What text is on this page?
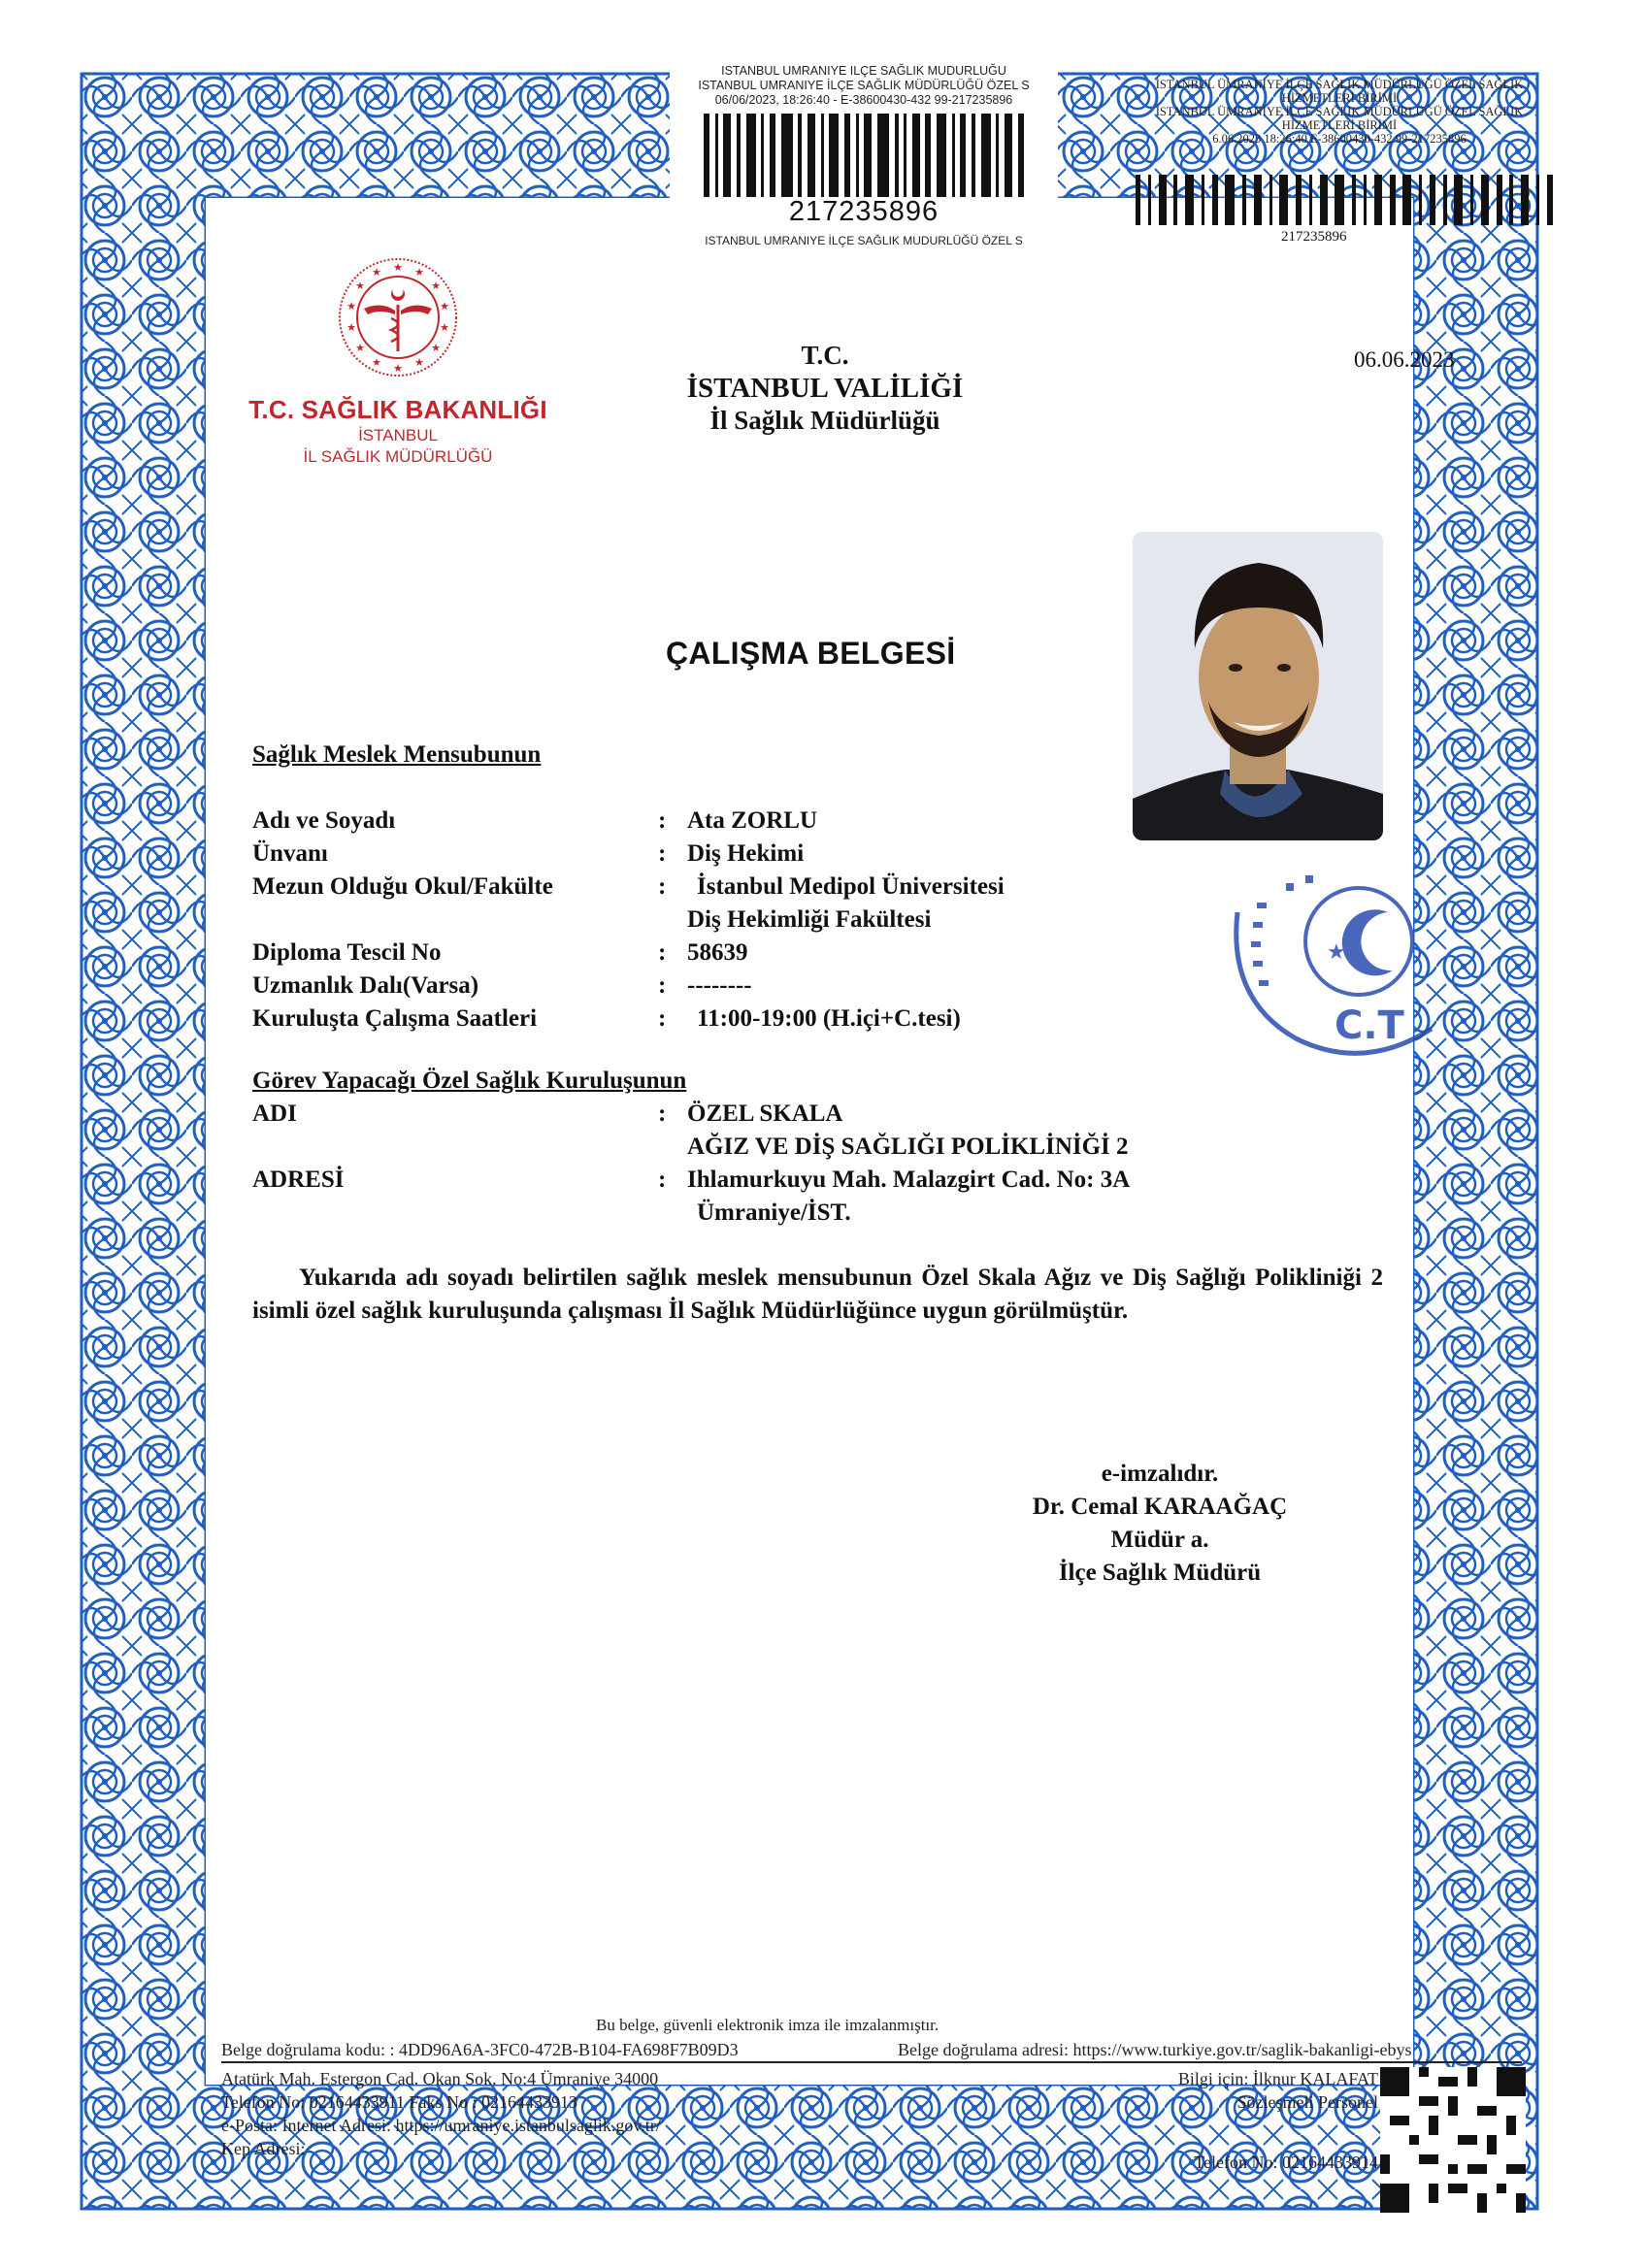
ISTANBUL UMRANIYE ILÇE SAĞLIK MUDURLUĞU
ISTANBUL UMRANIYE İLÇE SAĞLIK MÜDÜRLÜĞÜ ÖZEL S
06/06/2023, 18:26:40 - E-38600430-432 99-217235896
217235896
ISTANBUL UMRANIYE İLÇE SAĞLIK MUDURLÜĞÜ ÖZEL S
İSTANBUL ÜMRANİYE İLÇE SAĞLIK MÜDÜRLÜĞÜ ÖZEL SAĞLIK
HİZMETLERİ BİRİMİ
İSTANBUL ÜMRANİYE İLÇE SAĞLIK MÜDÜRLÜĞÜ ÖZEL SAĞLIK
HİZMETLERİ BİRİMİ
6.06.2023 18:26:40 E-38600430-432.99-217235896
217235896
★ ★
★
★
★
★
★
★
★
★
★
★
★
★
T.C. SAĞLIK BAKANLIĞI
İSTANBUL
İL SAĞLIK MÜDÜRLÜĞÜ
T.C.
İSTANBUL VALİLİĞİ
İl Sağlık Müdürlüğü
06.06.2023
ÇALIŞMA BELGESİ
Sağlık Meslek Mensubunun
Adı ve Soyadı	: Ata ZORLU
Ünvanı	: Diş Hekimi
Mezun Olduğu Okul/Fakülte	: İstanbul Medipol Üniversitesi
Diş Hekimliği Fakültesi
Diploma Tescil No	: 58639
Uzmanlık Dalı(Varsa)	: --------
Kuruluşta Çalışma Saatleri	: 11:00-19:00 (H.içi+C.tesi)
Görev Yapacağı Özel Sağlık Kuruluşunun
ADI	: ÖZEL SKALA
AĞIZ VE DİŞ SAĞLIĞI POLİKLİNİĞİ 2
ADRESİ	: Ihlamurkuyu Mah. Malazgirt Cad. No: 3A
Ümraniye/İST.
Yukarıda adı soyadı belirtilen sağlık meslek mensubunun Özel Skala Ağız ve Diş Sağlığı Polikliniği 2 isimli özel sağlık kuruluşunda çalışması İl Sağlık Müdürlüğünce uygun görülmüştür.
e-imzalıdır.
Dr. Cemal KARAAĞAÇ
Müdür a.
İlçe Sağlık Müdürü
★
C.T
Bu belge, güvenli elektronik imza ile imzalanmıştır.
Belge doğrulama kodu: : 4DD96A6A-3FC0-472B-B104-FA698F7B09D3	Belge doğrulama adresi: https://www.turkiye.gov.tr/saglik-bakanligi-ebys
Atatürk Mah. Estergon Cad. Okan Sok. No:4 Ümraniye 34000
Telefon No: 02164433911 Faks No : 02164433913
e-Posta: İnternet Adresi: https://umraniye.istanbulsaglik.gov.tr/
Kep Adresi:
Bilgi için: İlknur KALAFAT
Sözleşmeli Personel
Telefon No: 02164433914
